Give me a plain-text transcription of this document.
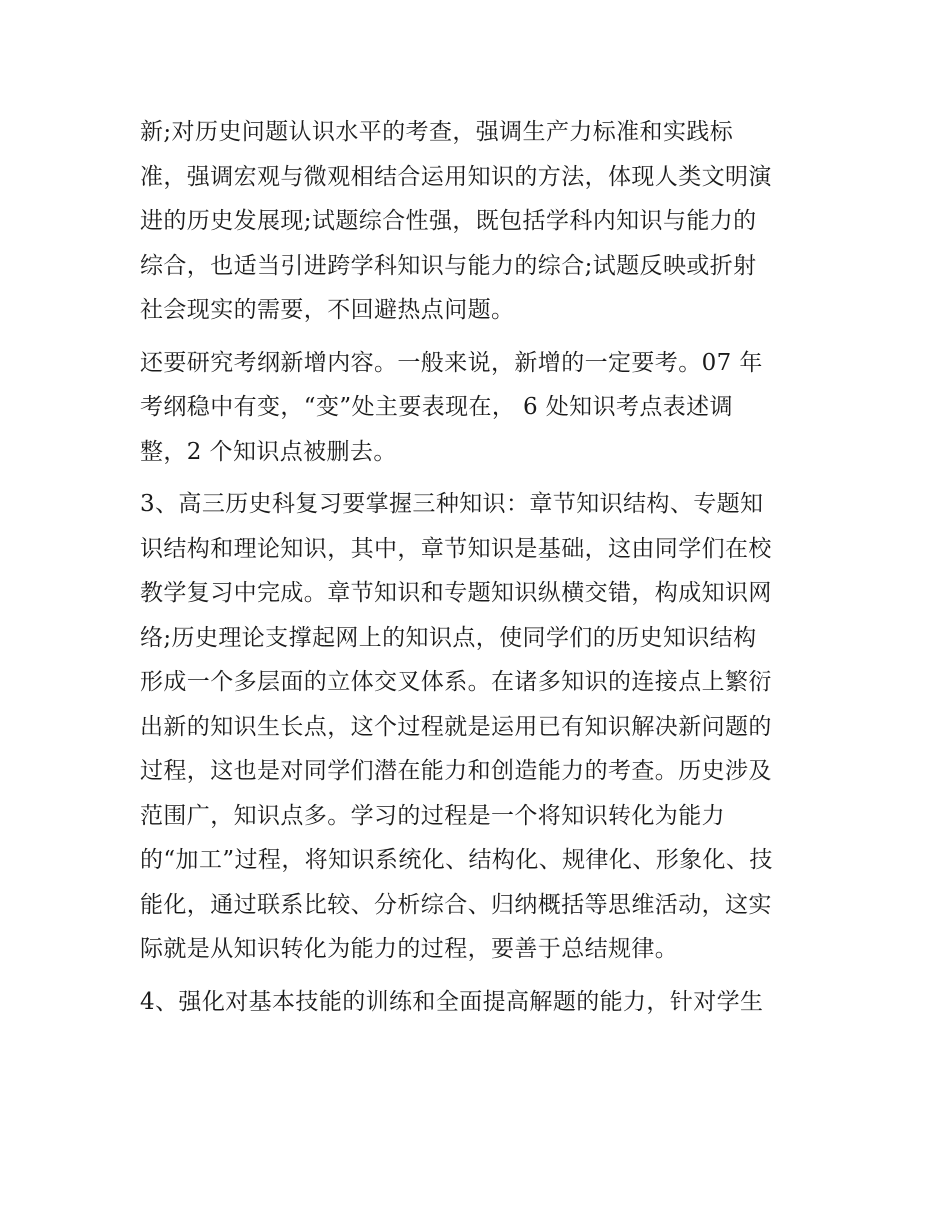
新;对历史问题认识水平的考查，强调生产力标准和实践标
准，强调宏观与微观相结合运用知识的方法，体现人类文明演
进的历史发展现;试题综合性强，既包括学科内知识与能力的
综合，也适当引进跨学科知识与能力的综合;试题反映或折射
社会现实的需要，不回避热点问题。
还要研究考纲新增内容。一般来说，新增的一定要考。07 年
考纲稳中有变，“变”处主要表现在， 6 处知识考点表述调
整，2 个知识点被删去。
3、高三历史科复习要掌握三种知识：章节知识结构、专题知
识结构和理论知识，其中，章节知识是基础，这由同学们在校
教学复习中完成。章节知识和专题知识纵横交错，构成知识网
络;历史理论支撑起网上的知识点，使同学们的历史知识结构
形成一个多层面的立体交叉体系。在诸多知识的连接点上繁衍
出新的知识生长点，这个过程就是运用已有知识解决新问题的
过程，这也是对同学们潜在能力和创造能力的考查。历史涉及
范围广，知识点多。学习的过程是一个将知识转化为能力
的“加工”过程，将知识系统化、结构化、规律化、形象化、技
能化，通过联系比较、分析综合、归纳概括等思维活动，这实
际就是从知识转化为能力的过程，要善于总结规律。
4、强化对基本技能的训练和全面提高解题的能力，针对学生
